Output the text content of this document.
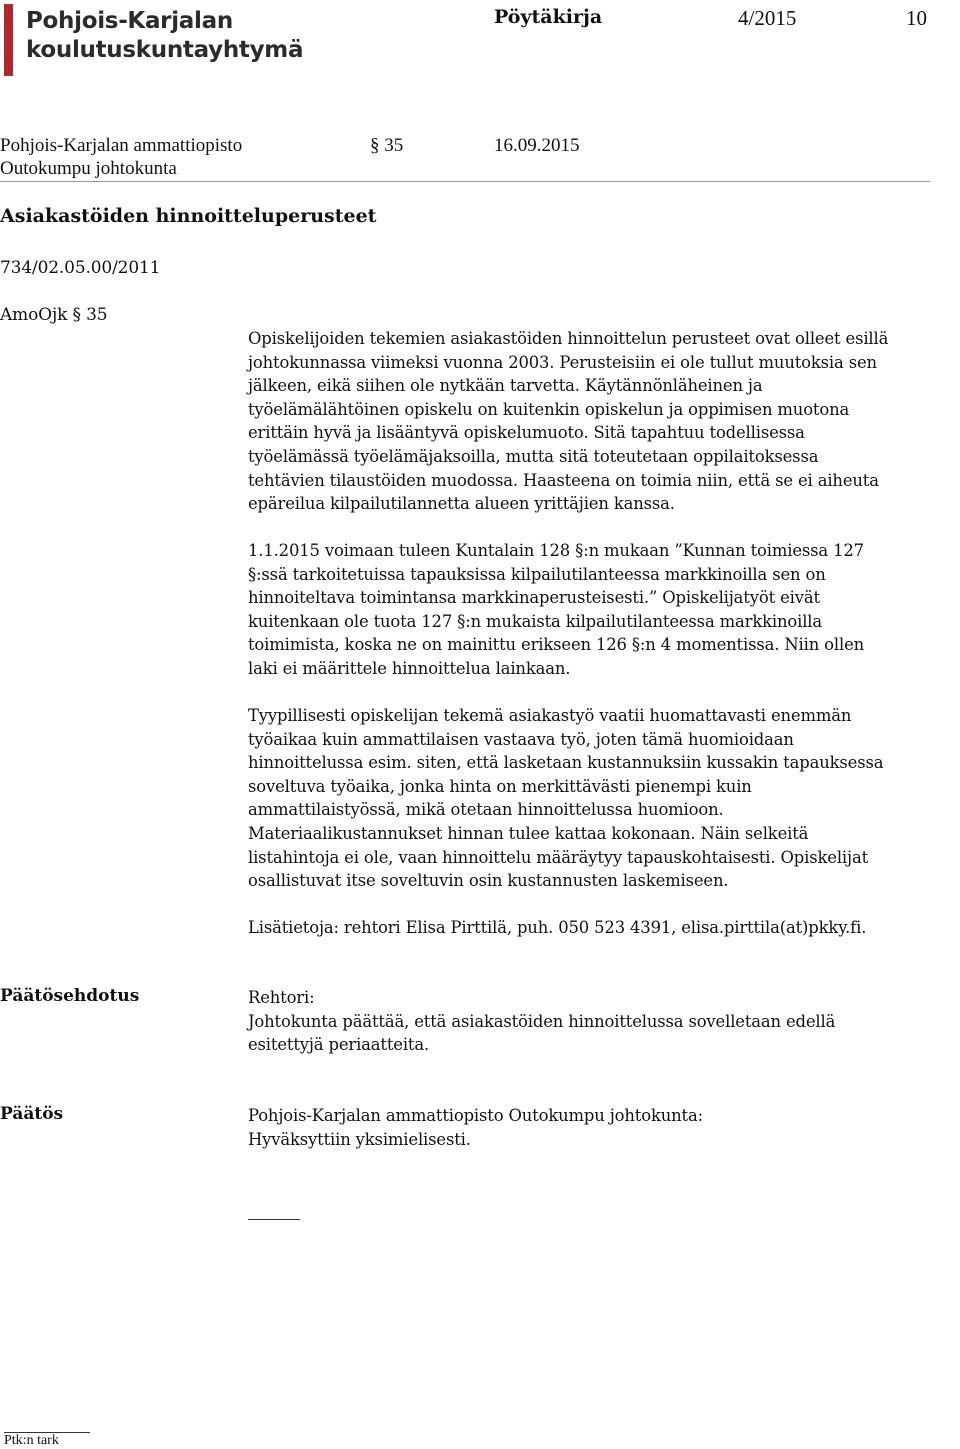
Pohjois-Karjalan
koulutuskuntayhtymä
Pöytäkirja	4/2015	10
Pohjois-Karjalan ammattiopisto
Outokumpu johtokunta
§ 35	16.09.2015
Asiakastöiden hinnoitteluperusteet
734/02.05.00/2011
AmoOjk § 35
Opiskelijoiden tekemien asiakastöiden hinnoittelun perusteet ovat olleet esillä
johtokunnassa viimeksi vuonna 2003. Perusteisiin ei ole tullut muutoksia sen
jälkeen, eikä siihen ole nytkään tarvetta. Käytännönläheinen ja
työelämälähtöinen opiskelu on kuitenkin opiskelun ja oppimisen muotona
erittäin hyvä ja lisääntyvä opiskelumuoto. Sitä tapahtuu todellisessa
työelämässä työelämäjaksoilla, mutta sitä toteutetaan oppilaitoksessa
tehtävien tilaustöiden muodossa. Haasteena on toimia niin, että se ei aiheuta
epäreilua kilpailutilannetta alueen yrittäjien kanssa.
1.1.2015 voimaan tuleen Kuntalain 128 §:n mukaan ”Kunnan toimiessa 127
§:ssä tarkoitetuissa tapauksissa kilpailutilanteessa markkinoilla sen on
hinnoiteltava toimintansa markkinaperusteisesti.” Opiskelijatyöt eivät
kuitenkaan ole tuota 127 §:n mukaista kilpailutilanteessa markkinoilla
toimimista, koska ne on mainittu erikseen 126 §:n 4 momentissa. Niin ollen
laki ei määrittele hinnoittelua lainkaan.
Tyypillisesti opiskelijan tekemä asiakastyö vaatii huomattavasti enemmän
työaikaa kuin ammattilaisen vastaava työ, joten tämä huomioidaan
hinnoittelussa esim. siten, että lasketaan kustannuksiin kussakin tapauksessa
soveltuva työaika, jonka hinta on merkittävästi pienempi kuin
ammattilaistyössä, mikä otetaan hinnoittelussa huomioon.
Materiaalikustannukset hinnan tulee kattaa kokonaan. Näin selkeitä
listahintoja ei ole, vaan hinnoittelu määräytyy tapauskohtaisesti. Opiskelijat
osallistuvat itse soveltuvin osin kustannusten laskemiseen.
Lisätietoja: rehtori Elisa Pirttilä, puh. 050 523 4391, elisa.pirttila(at)pkky.fi.
Päätösehdotus	Rehtori:
Johtokunta päättää, että asiakastöiden hinnoittelussa sovelletaan edellä
esitettyjä periaatteita.
Päätös	Pohjois-Karjalan ammattiopisto Outokumpu johtokunta:
Hyväksyttiin yksimielisesti.
Ptk:n tark
